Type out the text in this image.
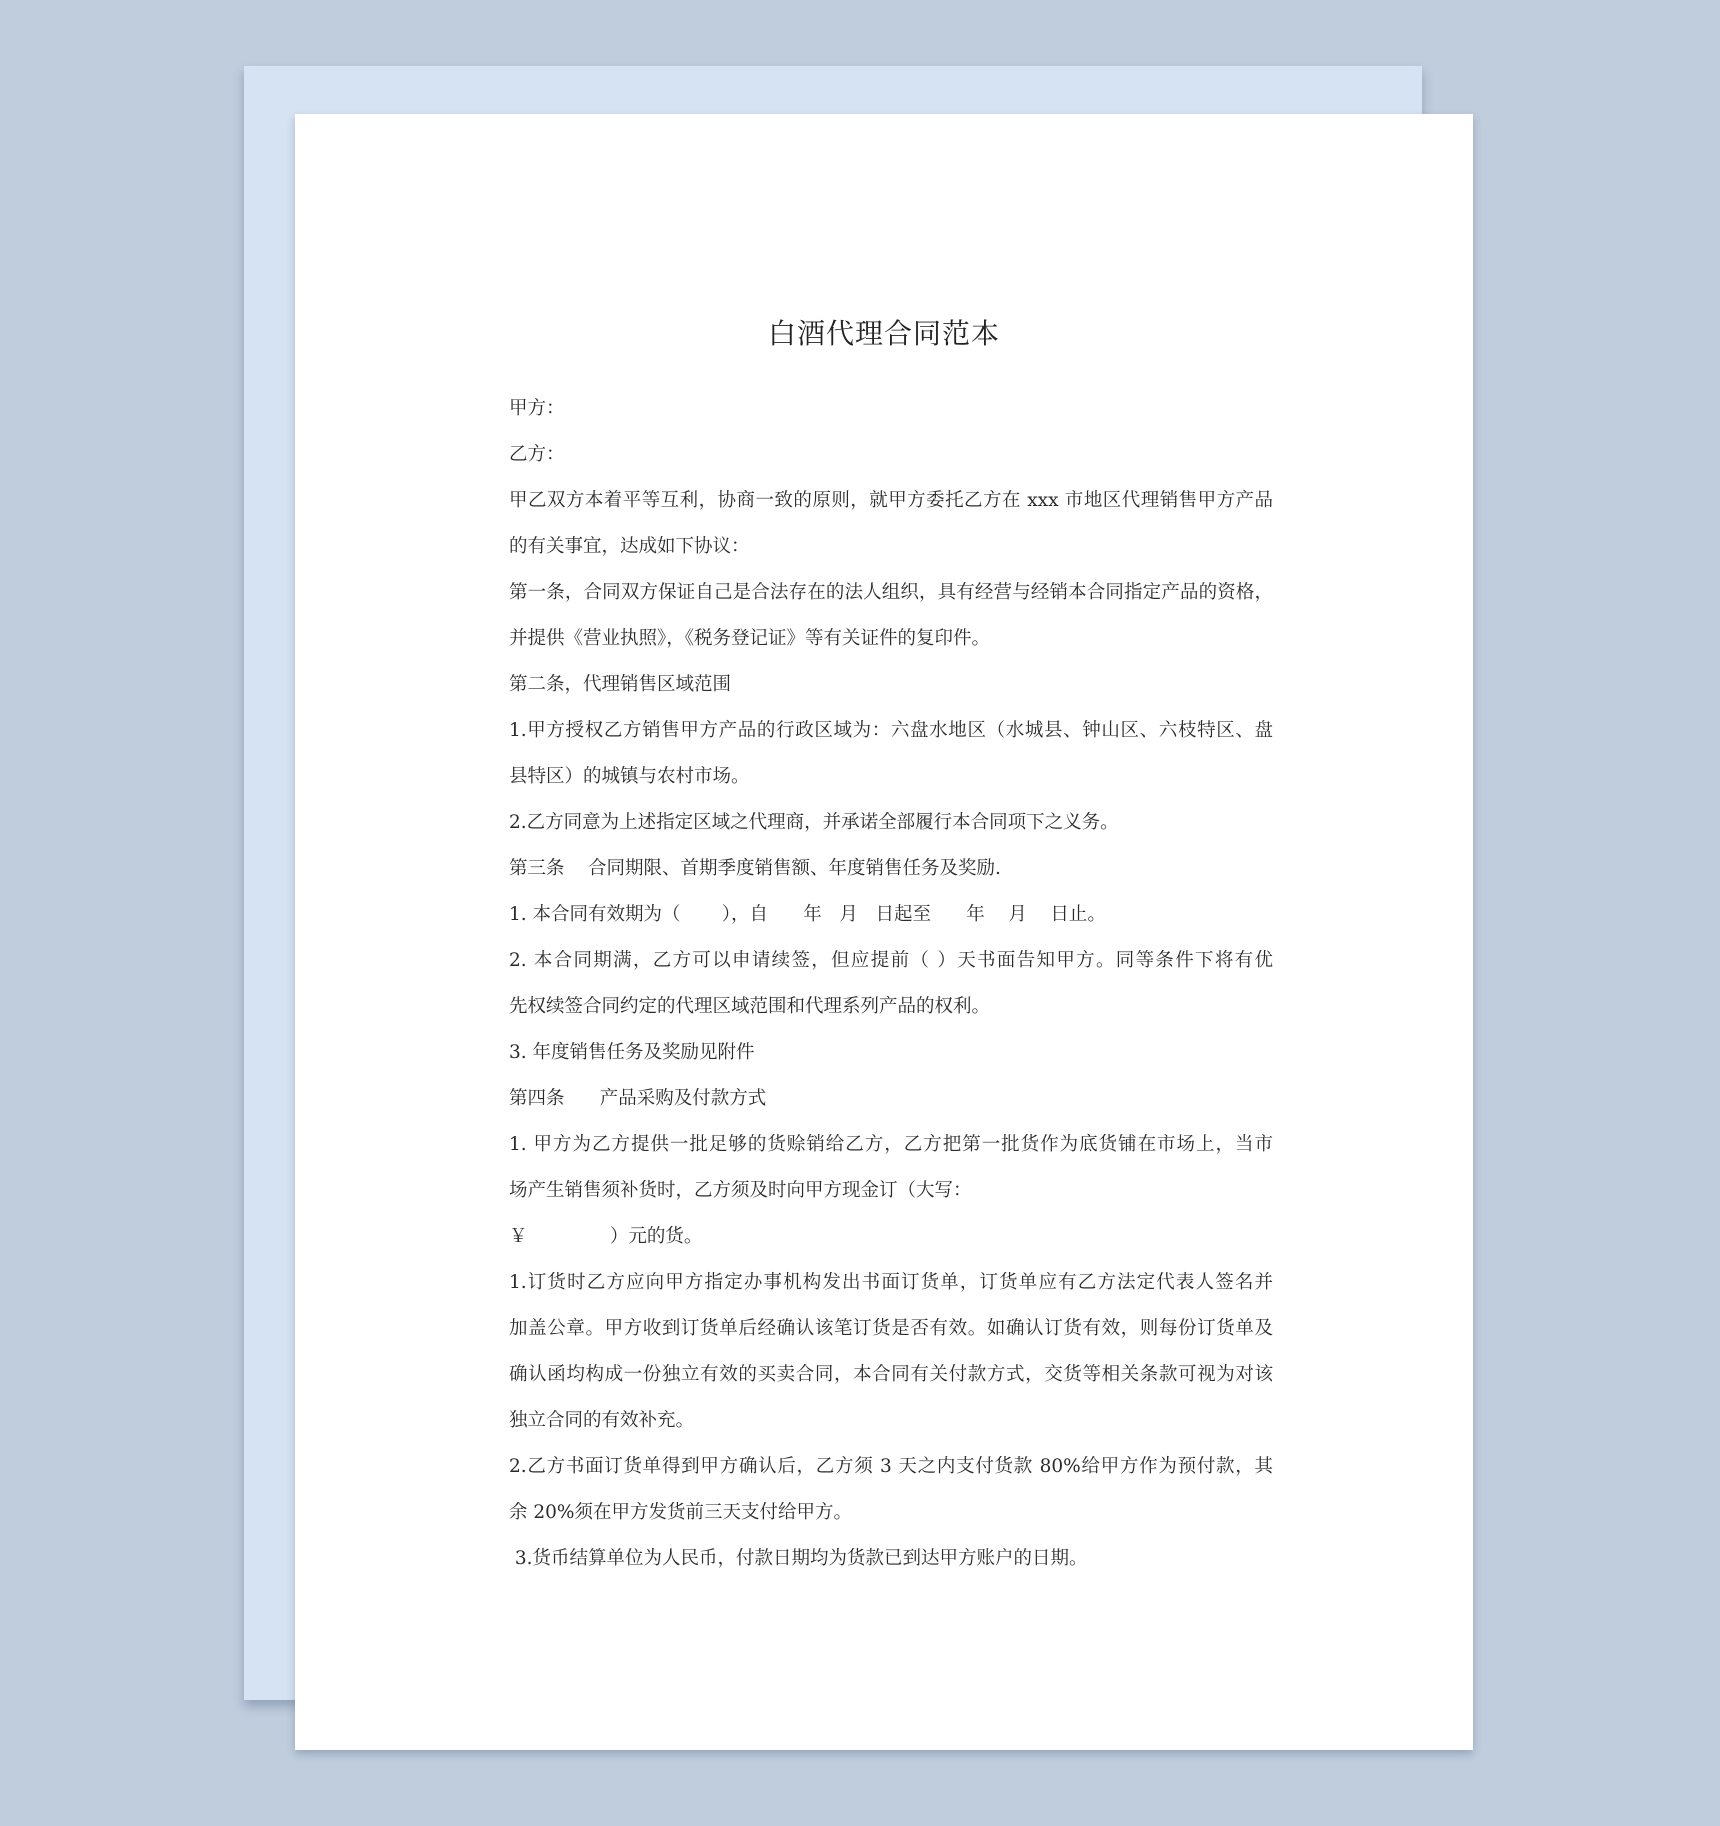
白酒代理合同范本
甲方：
乙方：
甲乙双方本着平等互利，协商一致的原则，就甲方委托乙方在 xxx 市地区代理销售甲方产品
的有关事宜，达成如下协议：
第一条，合同双方保证自己是合法存在的法人组织，具有经营与经销本合同指定产品的资格，
并提供《营业执照》，《税务登记证》等有关证件的复印件。
第二条，代理销售区域范围
1.甲方授权乙方销售甲方产品的行政区域为：六盘水地区（水城县、钟山区、六枝特区、盘
县特区）的城镇与农村市场。
2.乙方同意为上述指定区域之代理商，并承诺全部履行本合同项下之义务。
第三条    合同期限、首期季度销售额、年度销售任务及奖励.
1. 本合同有效期为（       ），自      年   月   日起至      年    月    日止。
2. 本合同期满，乙方可以申请续签，但应提前（ ）天书面告知甲方。同等条件下将有优
先权续签合同约定的代理区域范围和代理系列产品的权利。
3. 年度销售任务及奖励见附件
第四条      产品采购及付款方式
1. 甲方为乙方提供一批足够的货赊销给乙方，乙方把第一批货作为底货铺在市场上，当市
场产生销售须补货时，乙方须及时向甲方现金订（大写：
￥              ）元的货。
1.订货时乙方应向甲方指定办事机构发出书面订货单，订货单应有乙方法定代表人签名并
加盖公章。甲方收到订货单后经确认该笔订货是否有效。如确认订货有效，则每份订货单及
确认函均构成一份独立有效的买卖合同，本合同有关付款方式，交货等相关条款可视为对该
独立合同的有效补充。
2.乙方书面订货单得到甲方确认后，乙方须 3 天之内支付货款 80%给甲方作为预付款，其
余 20%须在甲方发货前三天支付给甲方。
3.货币结算单位为人民币，付款日期均为货款已到达甲方账户的日期。
